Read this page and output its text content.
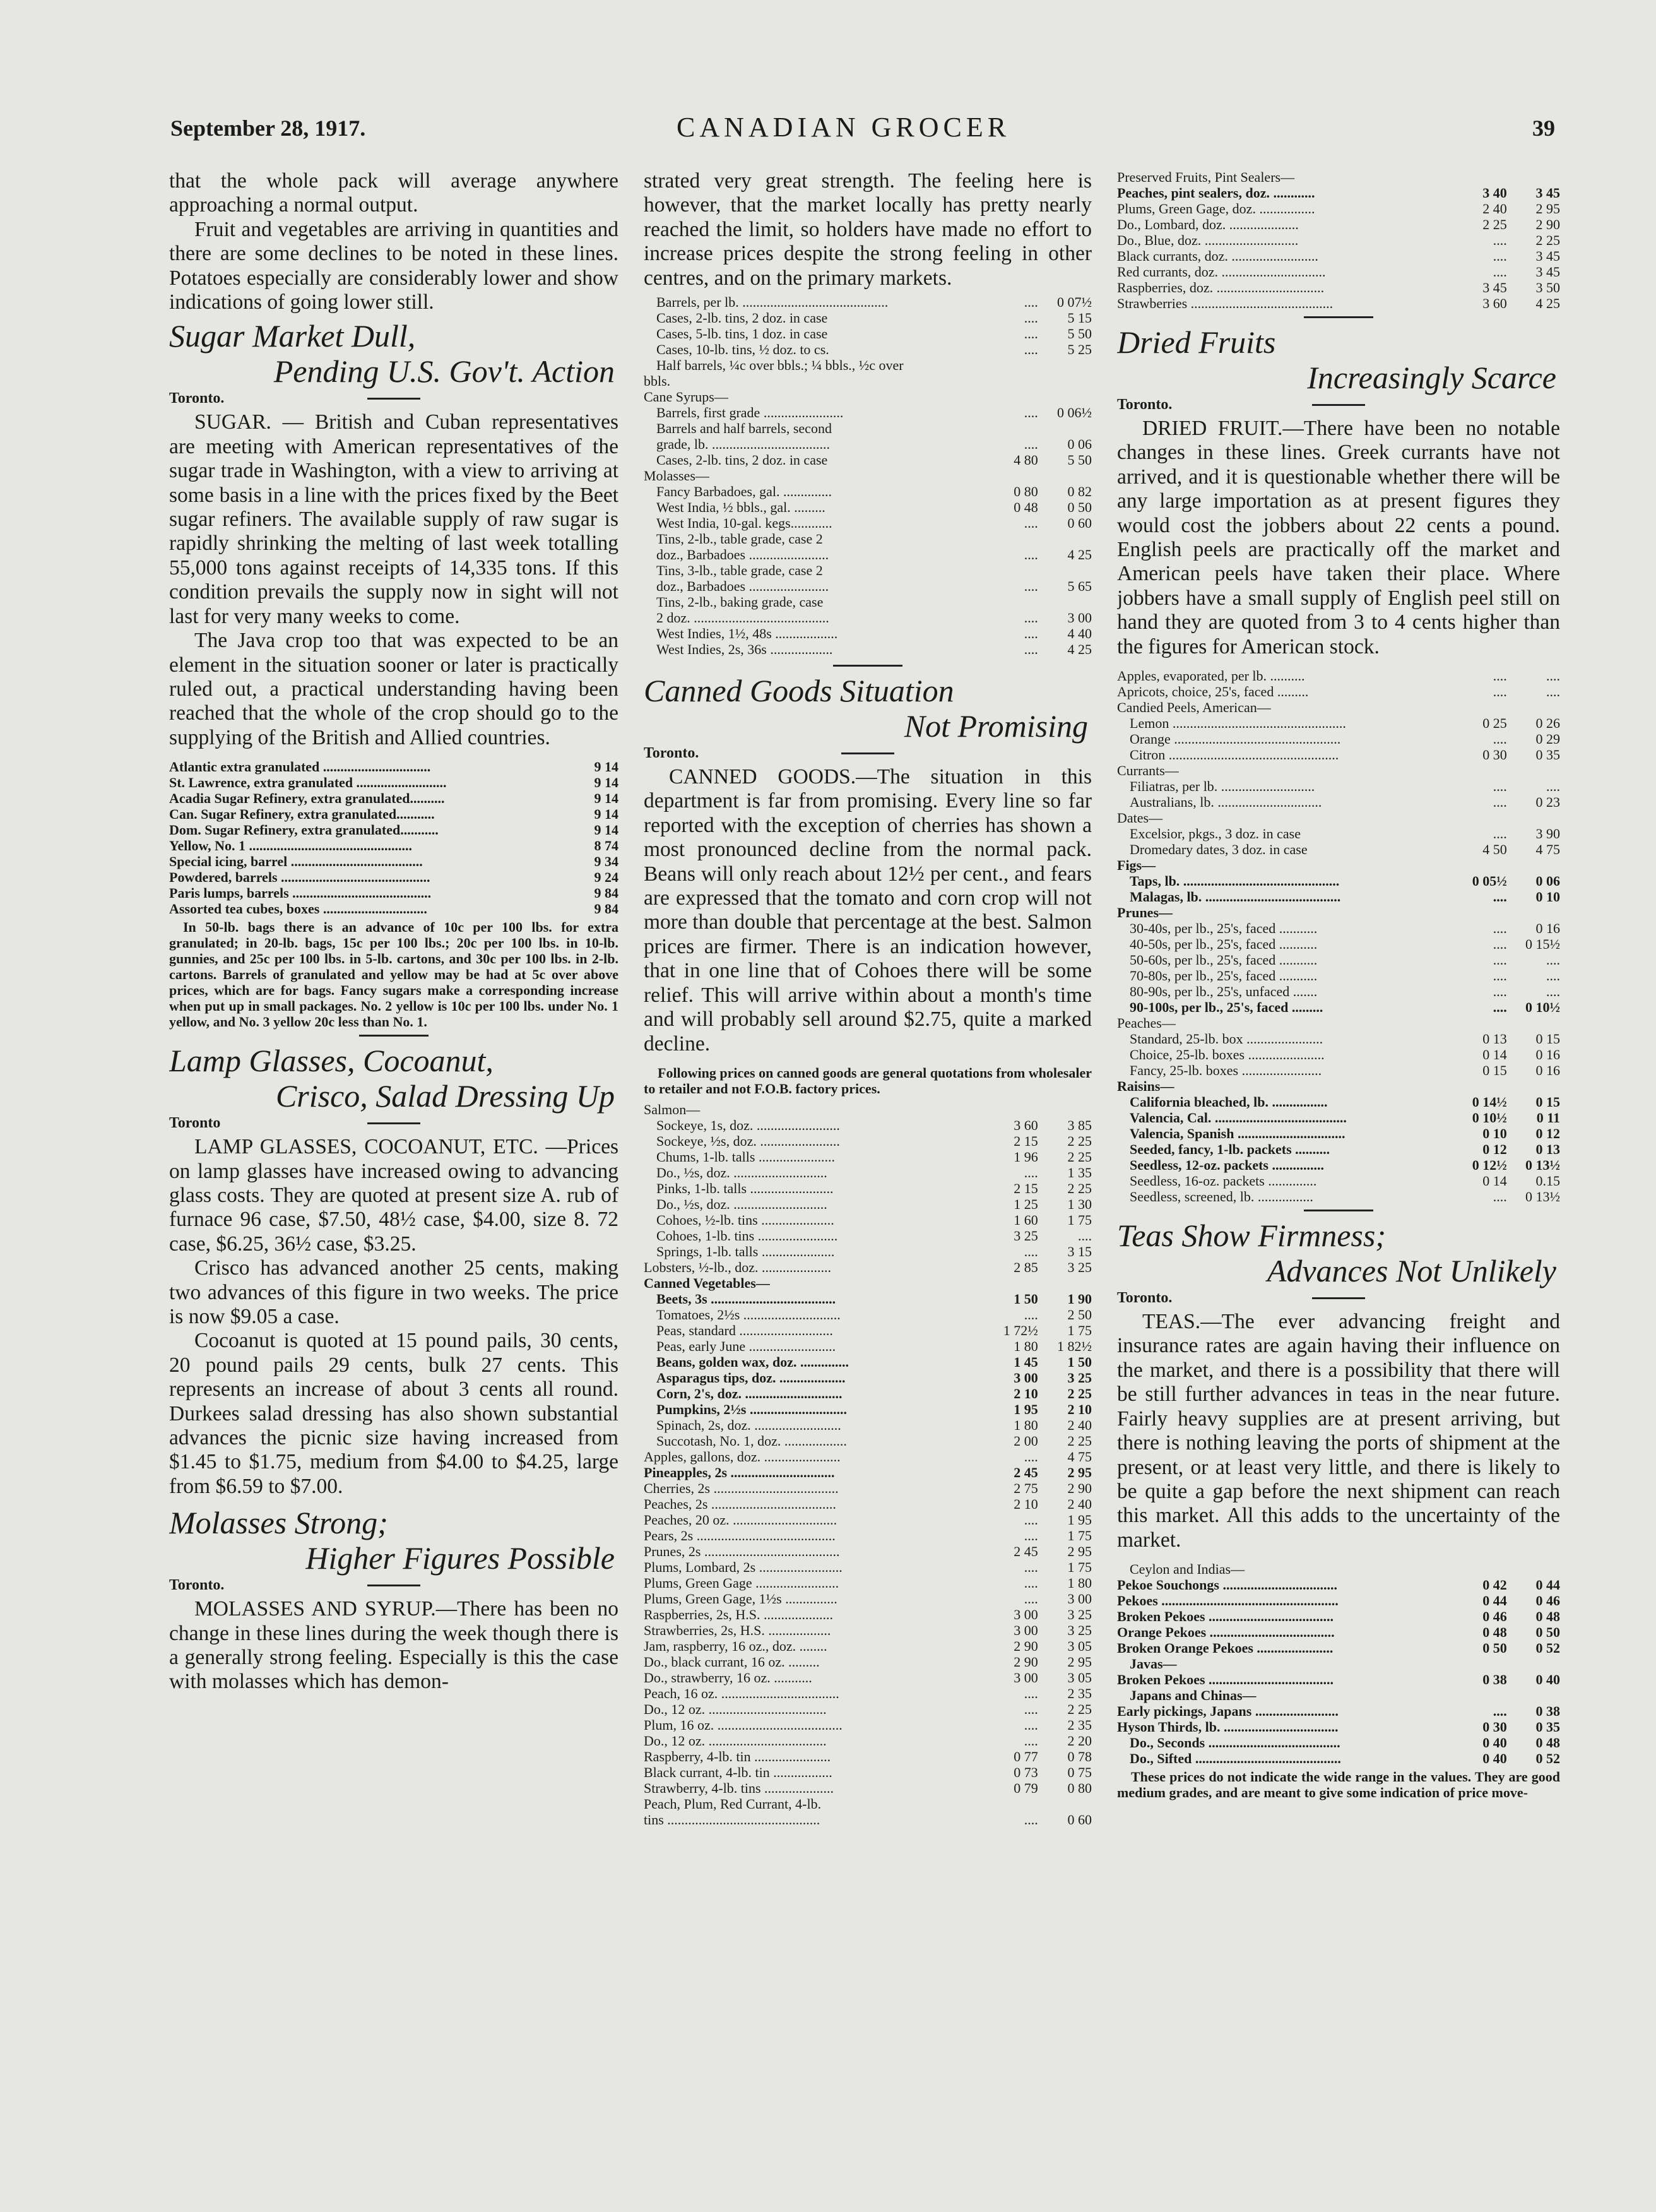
September 28, 1917.	CANADIAN GROCER	39

that the whole pack will average anywhere approaching a normal output.

Fruit and vegetables are arriving in quantities and there are some declines to be noted in these lines. Potatoes especially are considerably lower and show indications of going lower still.

Sugar Market Dull,
Pending U.S. Gov't. Action
Toronto.

SUGAR. — British and Cuban representatives are meeting with American representatives of the sugar trade in Washington, with a view to arriving at some basis in a line with the prices fixed by the Beet sugar refiners. The available supply of raw sugar is rapidly shrinking the melting of last week totalling 55,000 tons against receipts of 14,335 tons. If this condition prevails the supply now in sight will not last for very many weeks to come.

The Java crop too that was expected to be an element in the situation sooner or later is practically ruled out, a practical understanding having been reached that the whole of the crop should go to the supplying of the British and Allied countries.

Atlantic extra granulated ...............................		9 14
St. Lawrence, extra granulated ..........................		9 14
Acadia Sugar Refinery, extra granulated..........		9 14
Can. Sugar Refinery, extra granulated...........		9 14
Dom. Sugar Refinery, extra granulated...........		9 14
Yellow, No. 1 ...............................................		8 74
Special icing, barrel ......................................		9 34
Powdered, barrels ...........................................		9 24
Paris lumps, barrels ........................................		9 84
Assorted tea cubes, boxes ..............................		9 84
In 50-lb. bags there is an advance of 10c per 100 lbs. for extra granulated; in 20-lb. bags, 15c per 100 lbs.; 20c per 100 lbs. in 10-lb. gunnies, and 25c per 100 lbs. in 5-lb. cartons, and 30c per 100 lbs. in 2-lb. cartons. Barrels of granulated and yellow may be had at 5c over above prices, which are for bags. Fancy sugars make a corresponding increase when put up in small packages. No. 2 yellow is 10c per 100 lbs. under No. 1 yellow, and No. 3 yellow 20c less than No. 1.
Lamp Glasses, Cocoanut,
Crisco, Salad Dressing Up
Toronto

LAMP GLASSES, COCOANUT, ETC. —Prices on lamp glasses have increased owing to advancing glass costs. They are quoted at present size A. rub of furnace 96 case, $7.50, 48½ case, $4.00, size 8. 72 case, $6.25, 36½ case, $3.25.

Crisco has advanced another 25 cents, making two advances of this figure in two weeks. The price is now $9.05 a case.

Cocoanut is quoted at 15 pound pails, 30 cents, 20 pound pails 29 cents, bulk 27 cents. This represents an increase of about 3 cents all round. Durkees salad dressing has also shown substantial advances the picnic size having increased from $1.45 to $1.75, medium from $4.00 to $4.25, large from $6.59 to $7.00.

Molasses Strong;
Higher Figures Possible
Toronto.

MOLASSES AND SYRUP.—There has been no change in these lines during the week though there is a generally strong feeling. Especially is this the case with molasses which has demon-

strated very great strength. The feeling here is however, that the market locally has pretty nearly reached the limit, so holders have made no effort to increase prices despite the strong feeling in other centres, and on the primary markets.

Barrels, per lb. ..........................................	....	0 07½
Cases, 2-lb. tins, 2 doz. in case	....	5 15
Cases, 5-lb. tins, 1 doz. in case	....	5 50
Cases, 10-lb. tins, ½ doz. to cs.	....	5 25
Half barrels, ¼c over bbls.; ¼ bbls., ½c over		
bbls.		
Cane Syrups—		
Barrels, first grade .......................	....	0 06½
Barrels and half barrels, second		
grade, lb. ..................................	....	0 06
Cases, 2-lb. tins, 2 doz. in case	4 80	5 50
Molasses—		
Fancy Barbadoes, gal. ..............	0 80	0 82
West India, ½ bbls., gal. .........	0 48	0 50
West India, 10-gal. kegs............	....	0 60
Tins, 2-lb., table grade, case 2		
doz., Barbadoes .......................	....	4 25
Tins, 3-lb., table grade, case 2		
doz., Barbadoes .......................	....	5 65
Tins, 2-lb., baking grade, case		
2 doz. .......................................	....	3 00
West Indies, 1½, 48s ..................	....	4 40
West Indies, 2s, 36s ..................	....	4 25
Canned Goods Situation
Not Promising
Toronto.

CANNED GOODS.—The situation in this department is far from promising. Every line so far reported with the exception of cherries has shown a most pronounced decline from the normal pack. Beans will only reach about 12½ per cent., and fears are expressed that the tomato and corn crop will not more than double that percentage at the best. Salmon prices are firmer. There is an indication however, that in one line that of Cohoes there will be some relief. This will arrive within about a month's time and will probably sell around $2.75, quite a marked decline.

Following prices on canned goods are general quotations from wholesaler to retailer and not F.O.B. factory prices.
Salmon—		
Sockeye, 1s, doz. ........................	3 60	3 85
Sockeye, ½s, doz. .......................	2 15	2 25
Chums, 1-lb. talls ......................	1 96	2 25
Do., ½s, doz. ...........................	....	1 35
Pinks, 1-lb. talls ........................	2 15	2 25
Do., ½s, doz. ...........................	1 25	1 30
Cohoes, ½-lb. tins .....................	1 60	1 75
Cohoes, 1-lb. tins .......................	3 25	....
Springs, 1-lb. talls .....................	....	3 15
Lobsters, ½-lb., doz. ....................	2 85	3 25
Canned Vegetables—		
Beets, 3s ....................................	1 50	1 90
Tomatoes, 2½s ............................	....	2 50
Peas, standard ...........................	1 72½	1 75
Peas, early June .........................	1 80	1 82½
Beans, golden wax, doz. ..............	1 45	1 50
Asparagus tips, doz. ...................	3 00	3 25
Corn, 2's, doz. ............................	2 10	2 25
Pumpkins, 2½s ............................	1 95	2 10
Spinach, 2s, doz. .........................	1 80	2 40
Succotash, No. 1, doz. ..................	2 00	2 25
Apples, gallons, doz. ......................	....	4 75
Pineapples, 2s ..............................	2 45	2 95
Cherries, 2s ....................................	2 75	2 90
Peaches, 2s ....................................	2 10	2 40
Peaches, 20 oz. ..............................	....	1 95
Pears, 2s ........................................	....	1 75
Prunes, 2s .......................................	2 45	2 95
Plums, Lombard, 2s ........................	....	1 75
Plums, Green Gage ........................	....	1 80
Plums, Green Gage, 1½s ...............	....	3 00
Raspberries, 2s, H.S. ....................	3 00	3 25
Strawberries, 2s, H.S. ..................	3 00	3 25
Jam, raspberry, 16 oz., doz. ........	2 90	3 05
Do., black currant, 16 oz. .........	2 90	2 95
Do., strawberry, 16 oz. ...........	3 00	3 05
Peach, 16 oz. ..................................	....	2 35
Do., 12 oz. ..................................	....	2 25
Plum, 16 oz. ....................................	....	2 35
Do., 12 oz. ..................................	....	2 20
Raspberry, 4-lb. tin ......................	0 77	0 78
Black currant, 4-lb. tin .................	0 73	0 75
Strawberry, 4-lb. tins ....................	0 79	0 80
Peach, Plum, Red Currant, 4-lb.		
tins ............................................	....	0 60
Preserved Fruits, Pint Sealers—		
Peaches, pint sealers, doz. ............	3 40	3 45
Plums, Green Gage, doz. ................	2 40	2 95
Do., Lombard, doz. ....................	2 25	2 90
Do., Blue, doz. ...........................	....	2 25
Black currants, doz. .........................	....	3 45
Red currants, doz. ..............................	....	3 45
Raspberries, doz. ...............................	3 45	3 50
Strawberries .........................................	3 60	4 25
Dried Fruits
Increasingly Scarce
Toronto.

DRIED FRUIT.—There have been no notable changes in these lines. Greek currants have not arrived, and it is questionable whether there will be any large importation as at present figures they would cost the jobbers about 22 cents a pound. English peels are practically off the market and American peels have taken their place. Where jobbers have a small supply of English peel still on hand they are quoted from 3 to 4 cents higher than the figures for American stock.

Apples, evaporated, per lb. ..........	....	....
Apricots, choice, 25's, faced .........	....	....
Candied Peels, American—		
Lemon ..................................................	0 25	0 26
Orange ................................................	....	0 29
Citron .................................................	0 30	0 35
Currants—		
Filiatras, per lb. ...........................	....	....
Australians, lb. ..............................	....	0 23
Dates—		
Excelsior, pkgs., 3 doz. in case	....	3 90
Dromedary dates, 3 doz. in case	4 50	4 75
Figs—		
Taps, lb. .............................................	0 05½	0 06
Malagas, lb. .......................................	....	0 10
Prunes—		
30-40s, per lb., 25's, faced ...........	....	0 16
40-50s, per lb., 25's, faced ...........	....	0 15½
50-60s, per lb., 25's, faced ...........	....	....
70-80s, per lb., 25's, faced ...........	....	....
80-90s, per lb., 25's, unfaced .......	....	....
90-100s, per lb., 25's, faced .........	....	0 10½
Peaches—		
Standard, 25-lb. box ......................	0 13	0 15
Choice, 25-lb. boxes ......................	0 14	0 16
Fancy, 25-lb. boxes .......................	0 15	0 16
Raisins—		
California bleached, lb. ................	0 14½	0 15
Valencia, Cal. ......................................	0 10½	0 11
Valencia, Spanish ...............................	0 10	0 12
Seeded, fancy, 1-lb. packets ..........	0 12	0 13
Seedless, 12-oz. packets ...............	0 12½	0 13½
Seedless, 16-oz. packets ..............	0 14	0.15
Seedless, screened, lb. ................	....	0 13½
Teas Show Firmness;
Advances Not Unlikely
Toronto.

TEAS.—The ever advancing freight and insurance rates are again having their influence on the market, and there is a possibility that there will be still further advances in teas in the near future. Fairly heavy supplies are at present arriving, but there is nothing leaving the ports of shipment at the present, or at least very little, and there is likely to be quite a gap before the next shipment can reach this market. All this adds to the uncertainty of the market.

Ceylon and Indias—		
Pekoe Souchongs .................................	0 42	0 44
Pekoes ...................................................	0 44	0 46
Broken Pekoes ....................................	0 46	0 48
Orange Pekoes ....................................	0 48	0 50
Broken Orange Pekoes ......................	0 50	0 52
Javas—		
Broken Pekoes ....................................	0 38	0 40
Japans and Chinas—		
Early pickings, Japans ........................	....	0 38
Hyson Thirds, lb. .................................	0 30	0 35
Do., Seconds ......................................	0 40	0 48
Do., Sifted ..........................................	0 40	0 52
These prices do not indicate the wide range in the values. They are good medium grades, and are meant to give some indication of price move-
